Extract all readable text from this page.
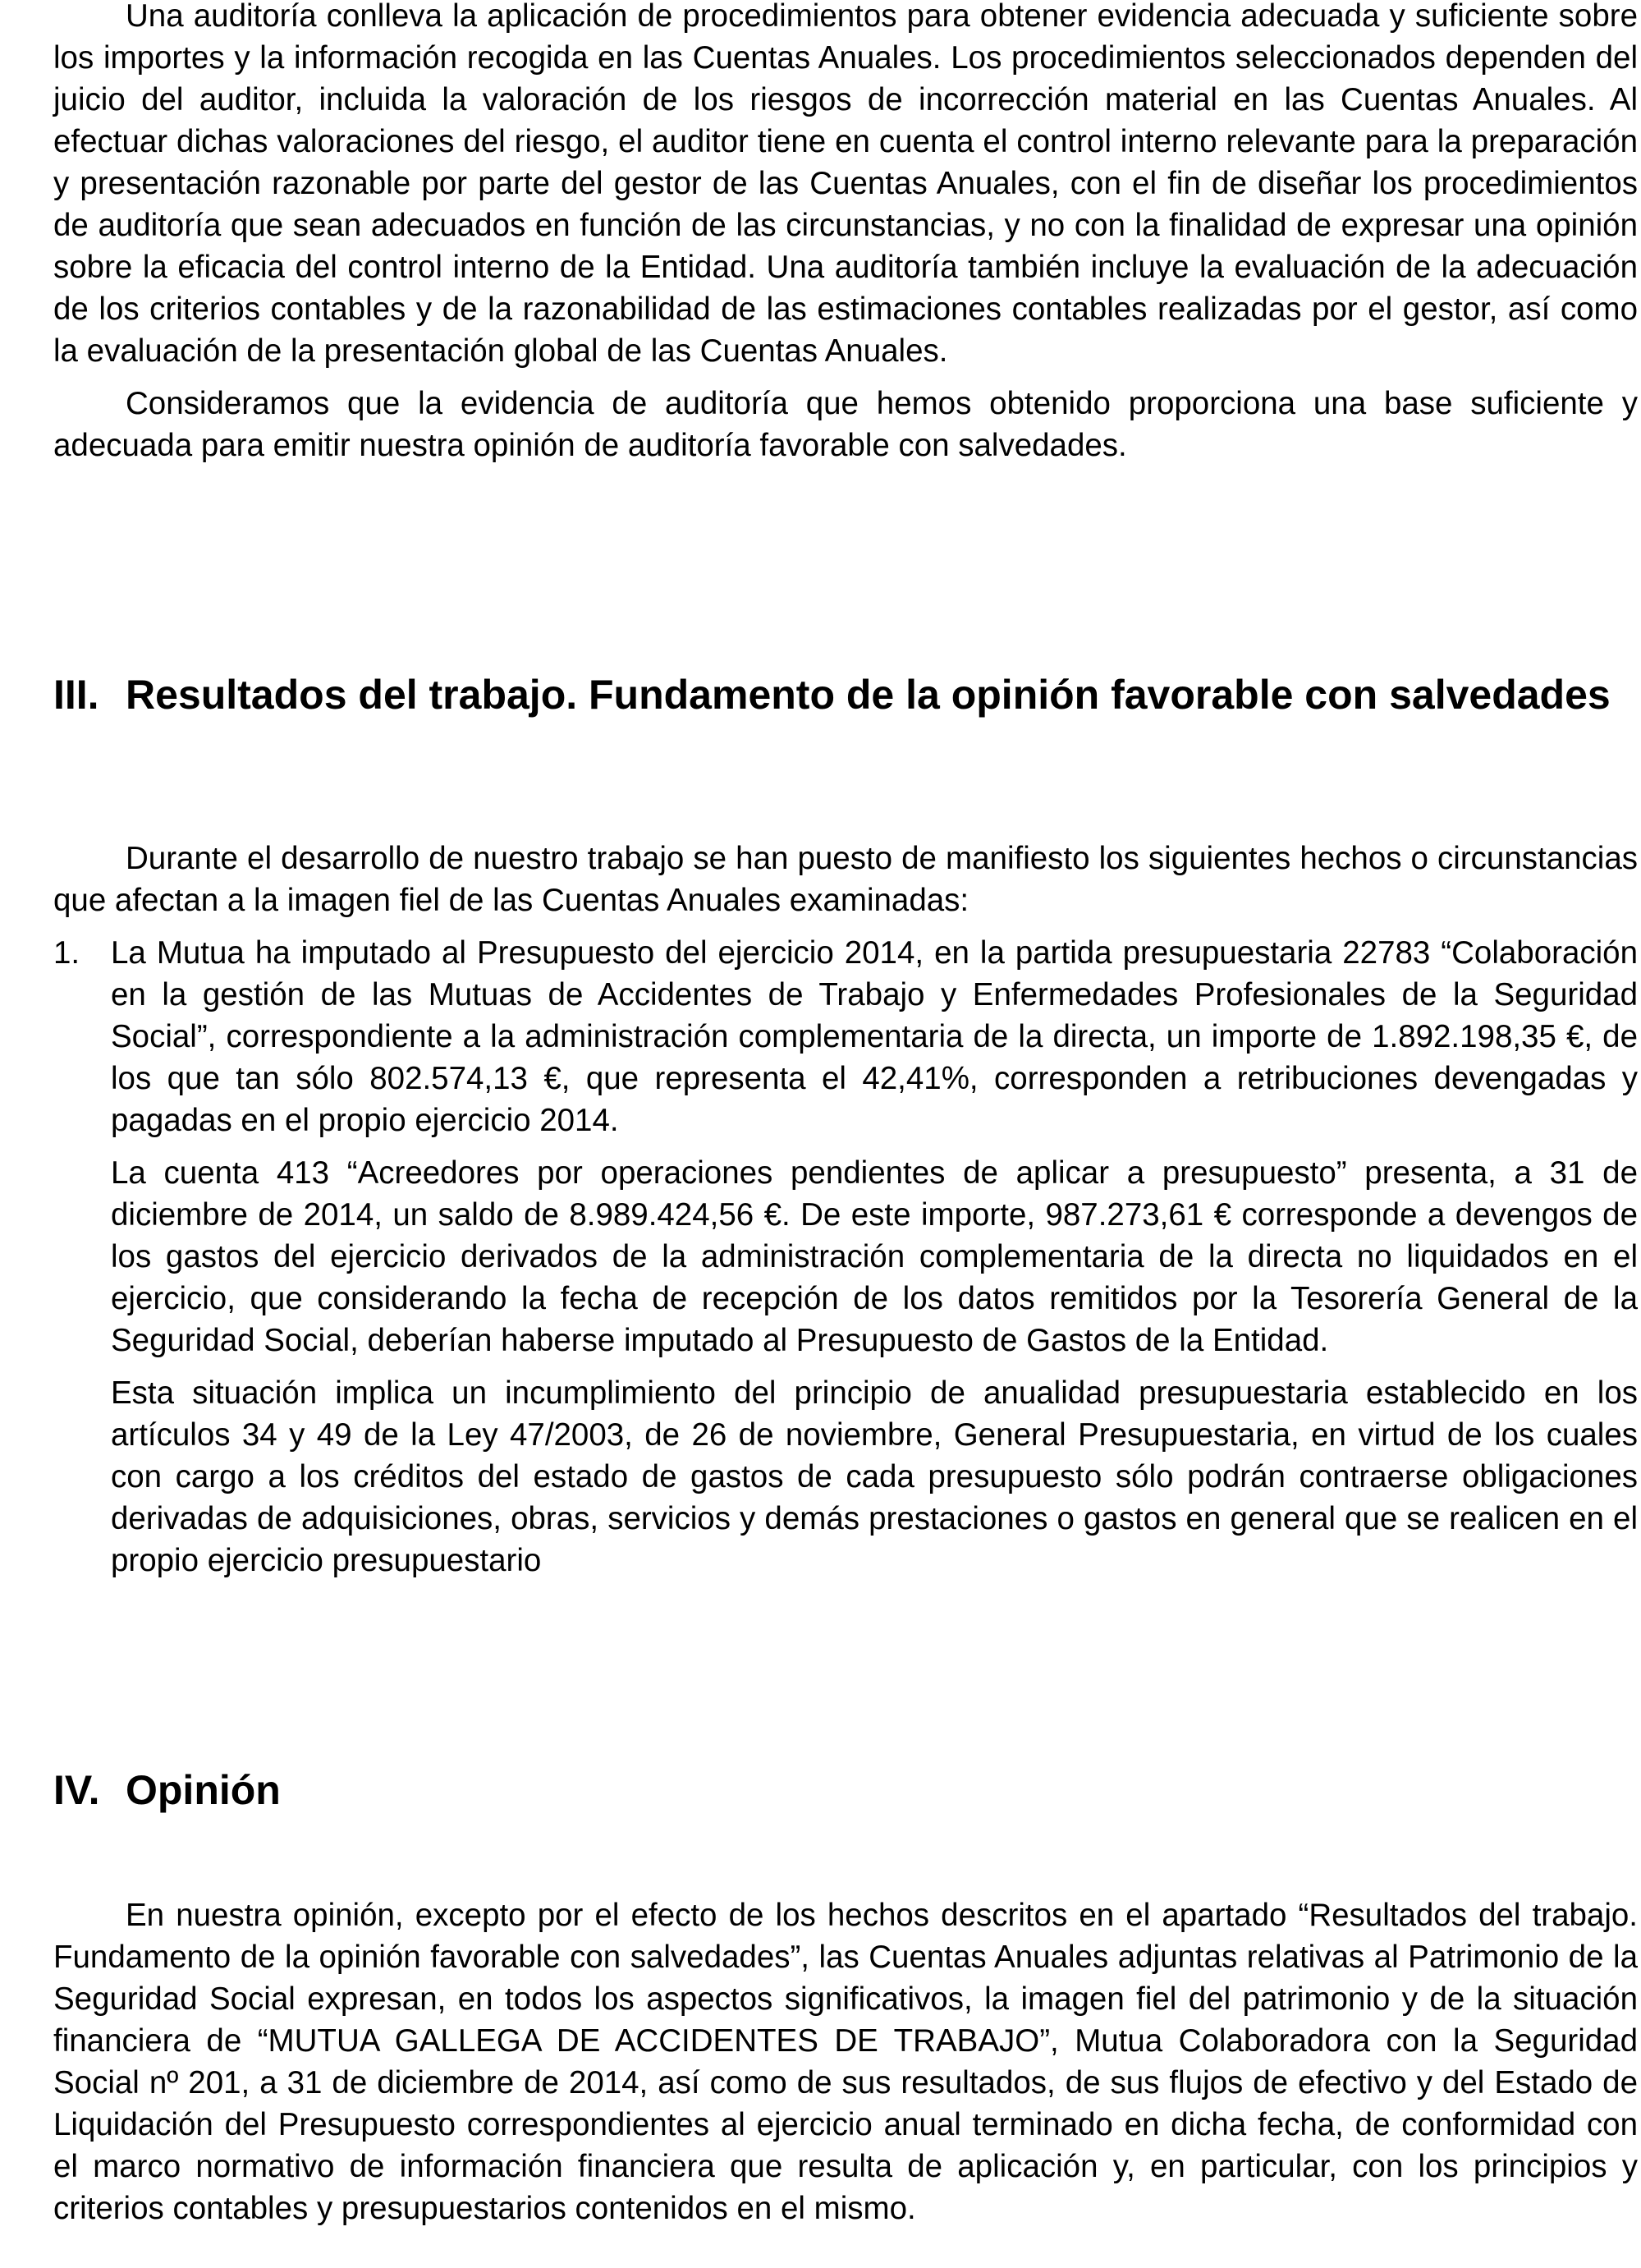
Una auditoría conlleva la aplicación de procedimientos para obtener evidencia adecuada y suficiente sobre los importes y la información recogida en las Cuentas Anuales. Los procedimientos seleccionados dependen del juicio del auditor, incluida la valoración de los riesgos de incorrección material en las Cuentas Anuales. Al efectuar dichas valoraciones del riesgo, el auditor tiene en cuenta el control interno relevante para la preparación y presentación razonable por parte del gestor de las Cuentas Anuales, con el fin de diseñar los procedimientos de auditoría que sean adecuados en función de las circunstancias, y no con la finalidad de expresar una opinión sobre la eficacia del control interno de la Entidad. Una auditoría también incluye la evaluación de la adecuación de los criterios contables y de la razonabilidad de las estimaciones contables realizadas por el gestor, así como la evaluación de la presentación global de las Cuentas Anuales.

Consideramos que la evidencia de auditoría que hemos obtenido proporciona una base suficiente y adecuada para emitir nuestra opinión de auditoría favorable con salvedades.

III. Resultados del trabajo. Fundamento de la opinión favorable con salvedades

Durante el desarrollo de nuestro trabajo se han puesto de manifiesto los siguientes hechos o circunstancias que afectan a la imagen fiel de las Cuentas Anuales examinadas:

1. La Mutua ha imputado al Presupuesto del ejercicio 2014, en la partida presupuestaria 22783 “Colaboración en la gestión de las Mutuas de Accidentes de Trabajo y Enfermedades Profesionales de la Seguridad Social”, correspondiente a la administración complementaria de la directa, un importe de 1.892.198,35 €, de los que tan sólo 802.574,13 €, que representa el 42,41%, corresponden a retribuciones devengadas y pagadas en el propio ejercicio 2014.

La cuenta 413 “Acreedores por operaciones pendientes de aplicar a presupuesto” presenta, a 31 de diciembre de 2014, un saldo de 8.989.424,56 €. De este importe, 987.273,61 € corresponde a devengos de los gastos del ejercicio derivados de la administración complementaria de la directa no liquidados en el ejercicio, que considerando la fecha de recepción de los datos remitidos por la Tesorería General de la Seguridad Social, deberían haberse imputado al Presupuesto de Gastos de la Entidad.

Esta situación implica un incumplimiento del principio de anualidad presupuestaria establecido en los artículos 34 y 49 de la Ley 47/2003, de 26 de noviembre, General Presupuestaria, en virtud de los cuales con cargo a los créditos del estado de gastos de cada presupuesto sólo podrán contraerse obligaciones derivadas de adquisiciones, obras, servicios y demás prestaciones o gastos en general que se realicen en el propio ejercicio presupuestario

IV. Opinión

En nuestra opinión, excepto por el efecto de los hechos descritos en el apartado “Resultados del trabajo. Fundamento de la opinión favorable con salvedades”, las Cuentas Anuales adjuntas relativas al Patrimonio de la Seguridad Social expresan, en todos los aspectos significativos, la imagen fiel del patrimonio y de la situación financiera de “MUTUA GALLEGA DE ACCIDENTES DE TRABAJO”, Mutua Colaboradora con la Seguridad Social nº 201, a 31 de diciembre de 2014, así como de sus resultados, de sus flujos de efectivo y del Estado de Liquidación del Presupuesto correspondientes al ejercicio anual terminado en dicha fecha, de conformidad con el marco normativo de información financiera que resulta de aplicación y, en particular, con los principios y criterios contables y presupuestarios contenidos en el mismo.
